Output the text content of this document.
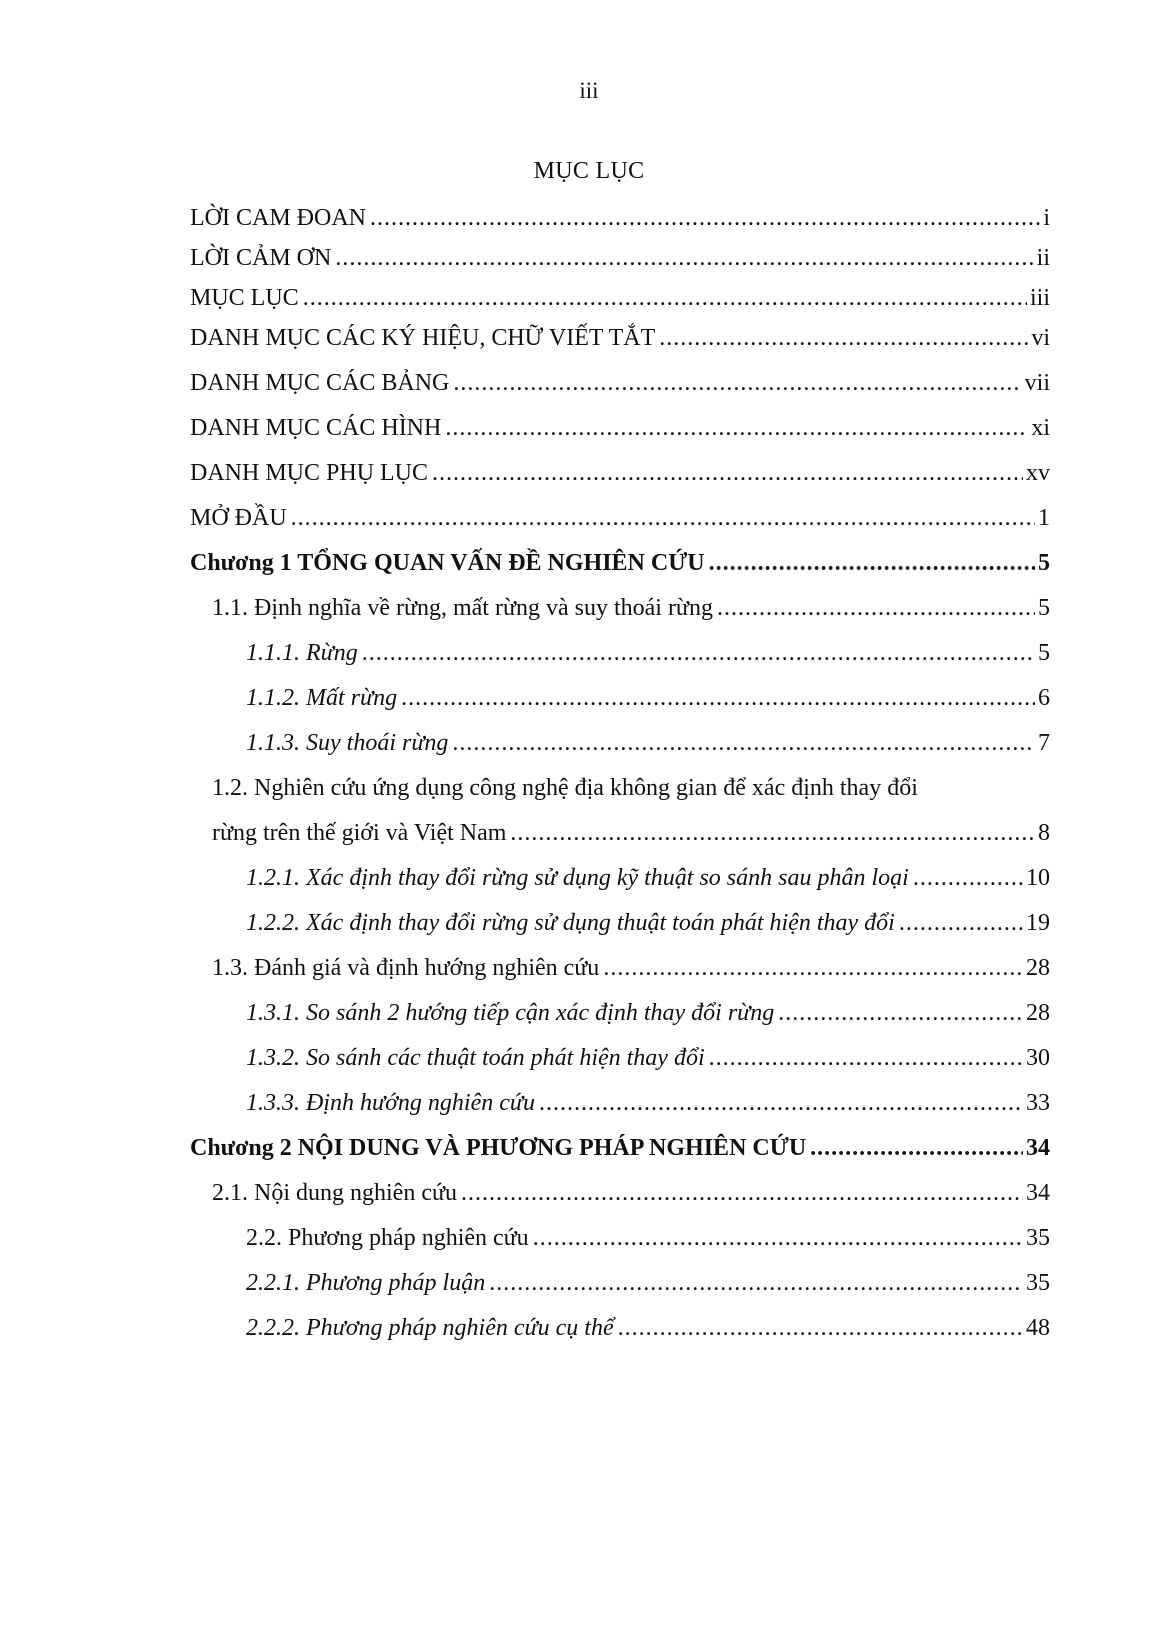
iii
MỤC LỤC
LỜI CAM ĐOAN .....	i
LỜI CẢM ƠN .....	ii
MỤC LỤC .....	iii
DANH MỤC CÁC KÝ HIỆU, CHỮ VIẾT TẮT .....	vi
DANH MỤC CÁC BẢNG .....	vii
DANH MỤC CÁC HÌNH .....	xi
DANH MỤC PHỤ LỤC .....	xv
MỞ ĐẦU .....	1
Chương 1 TỔNG QUAN VẤN ĐỀ NGHIÊN CỨU .....	5
1.1. Định nghĩa về rừng, mất rừng và suy thoái rừng .....	5
1.1.1. Rừng .....	5
1.1.2. Mất rừng .....	6
1.1.3. Suy thoái rừng .....	7
1.2. Nghiên cứu ứng dụng công nghệ địa không gian để xác định thay đổi
rừng trên thế giới và Việt Nam .....	8
1.2.1. Xác định thay đổi rừng sử dụng kỹ thuật so sánh sau phân loại .....	10
1.2.2. Xác định thay đổi rừng sử dụng thuật toán phát hiện thay đổi .....	19
1.3. Đánh giá và định hướng nghiên cứu .....	28
1.3.1. So sánh 2 hướng tiếp cận xác định thay đổi rừng .....	28
1.3.2. So sánh các thuật toán phát hiện thay đổi .....	30
1.3.3. Định hướng nghiên cứu .....	33
Chương 2 NỘI DUNG VÀ PHƯƠNG PHÁP NGHIÊN CỨU .....	34
2.1. Nội dung nghiên cứu .....	34
2.2. Phương pháp nghiên cứu .....	35
2.2.1. Phương pháp luận .....	35
2.2.2. Phương pháp nghiên cứu cụ thể .....	48
